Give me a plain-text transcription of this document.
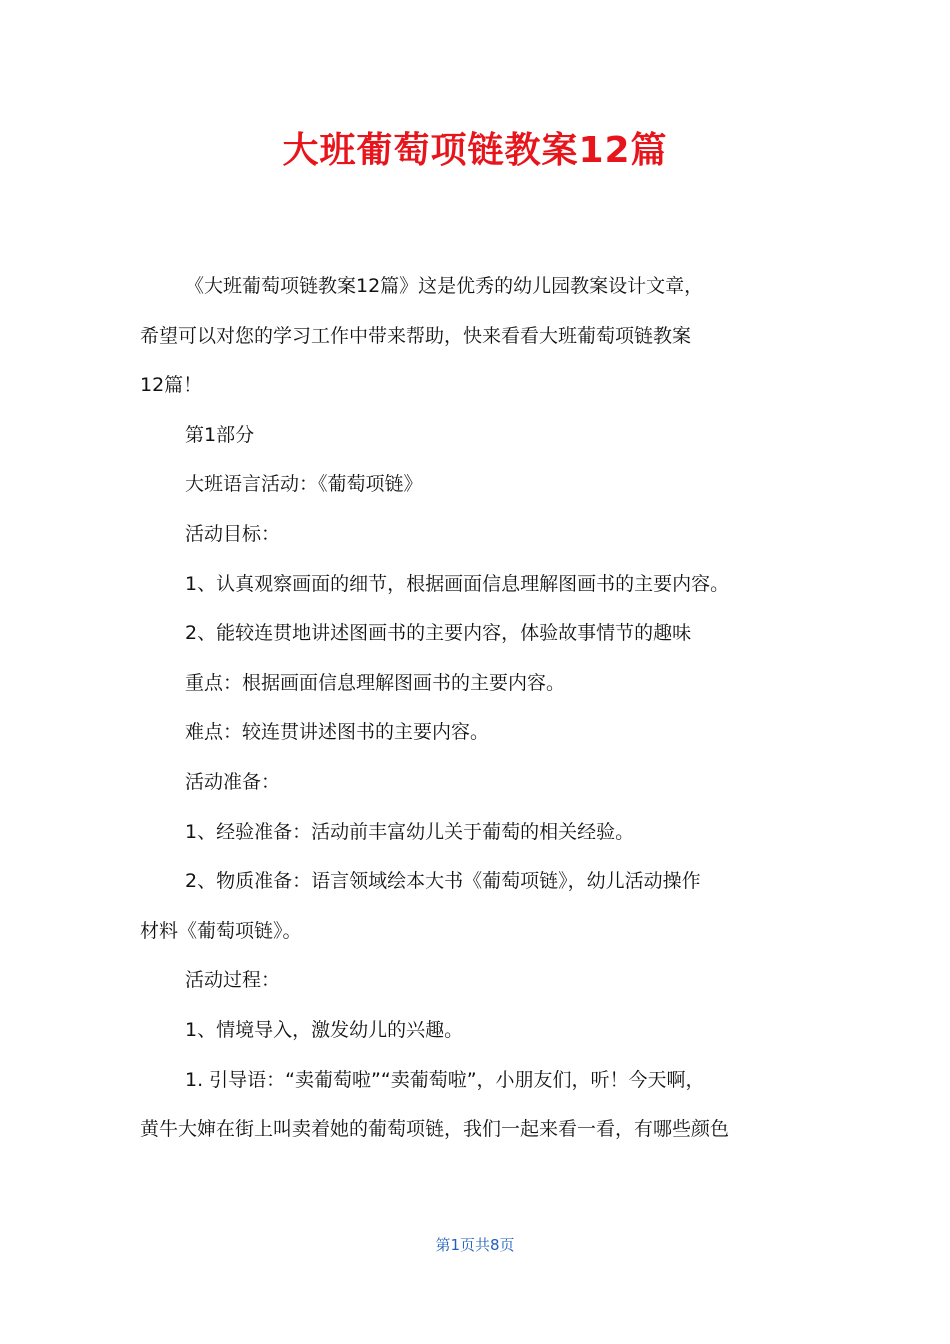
大班葡萄项链教案12篇
《大班葡萄项链教案12篇》这是优秀的幼儿园教案设计文章，
希望可以对您的学习工作中带来帮助，快来看看大班葡萄项链教案
12篇！
第1部分
大班语言活动：《葡萄项链》
活动目标：
1、认真观察画面的细节，根据画面信息理解图画书的主要内容。
2、能较连贯地讲述图画书的主要内容，体验故事情节的趣味
重点：根据画面信息理解图画书的主要内容。
难点：较连贯讲述图书的主要内容。
活动准备：
1、经验准备：活动前丰富幼儿关于葡萄的相关经验。
2、物质准备：语言领域绘本大书《葡萄项链》，幼儿活动操作
材料《葡萄项链》。
活动过程：
1、情境导入，激发幼儿的兴趣。
1. 引导语：“卖葡萄啦”“卖葡萄啦”，小朋友们，听！今天啊，
黄牛大婶在街上叫卖着她的葡萄项链，我们一起来看一看，有哪些颜色
第1页共8页
